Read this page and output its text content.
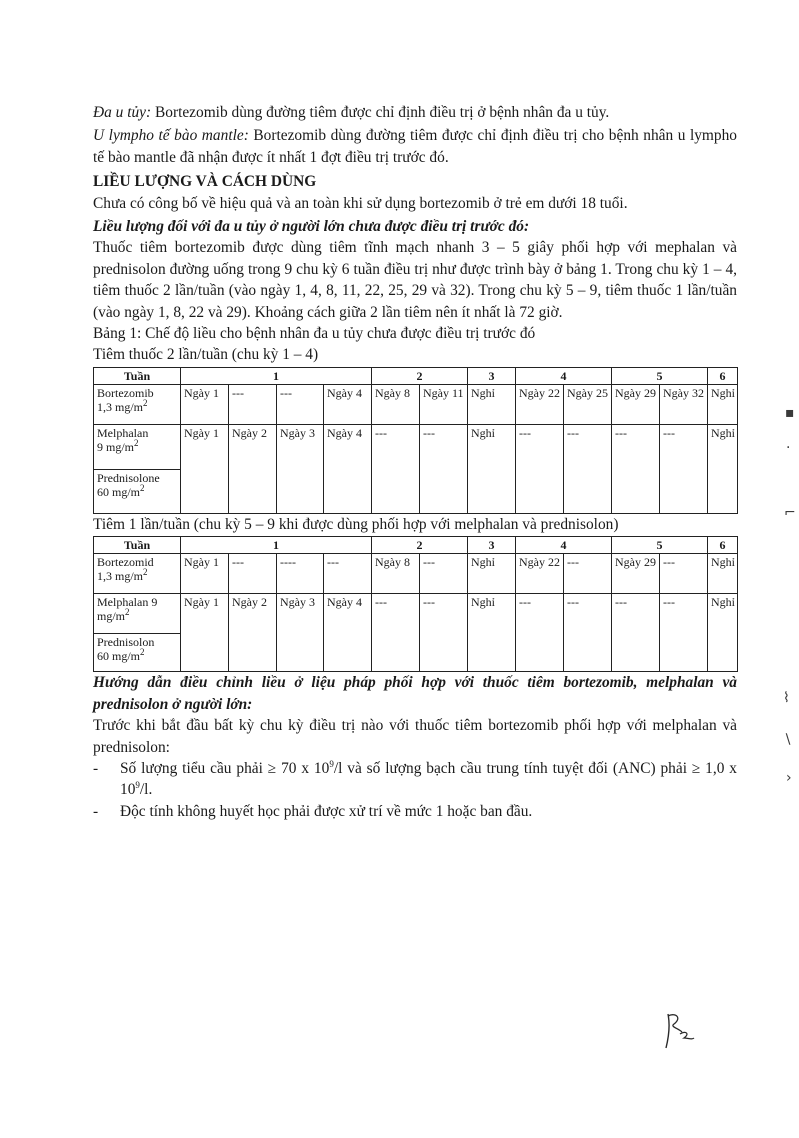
Đa u tủy: Bortezomib dùng đường tiêm được chỉ định điều trị ở bệnh nhân đa u tủy.

U lympho tế bào mantle: Bortezomib dùng đường tiêm được chỉ định điều trị cho bệnh nhân u lympho tế bào mantle đã nhận được ít nhất 1 đợt điều trị trước đó.

LIỀU LƯỢNG VÀ CÁCH DÙNG

Chưa có công bố về hiệu quả và an toàn khi sử dụng bortezomib ở trẻ em dưới 18 tuổi.

Liều lượng đối với đa u tủy ở người lớn chưa được điều trị trước đó:

Thuốc tiêm bortezomib được dùng tiêm tĩnh mạch nhanh 3 – 5 giây phối hợp với mephalan và prednisolon đường uống trong 9 chu kỳ 6 tuần điều trị như được trình bày ở bảng 1. Trong chu kỳ 1 – 4, tiêm thuốc 2 lần/tuần (vào ngày 1, 4, 8, 11, 22, 25, 29 và 32). Trong chu kỳ 5 – 9, tiêm thuốc 1 lần/tuần (vào ngày 1, 8, 22 và 29). Khoảng cách giữa 2 lần tiêm nên ít nhất là 72 giờ.

Bảng 1: Chế độ liều cho bệnh nhân đa u tủy chưa được điều trị trước đó

Tiêm thuốc 2 lần/tuần (chu kỳ 1 – 4)

Tuần	1				2		3	4		5		6
Bortezomib
1,3 $mg/m^2$	Ngày 1	---	---	Ngày 4	Ngày 8	Ngày 11	Nghỉ	Ngày 22	Ngày 25	Ngày 29	Ngày 32	Nghỉ
Melphalan
9 $mg/m^2$	Ngày 1	Ngày 2	Ngày 3	Ngày 4	---	---	Nghỉ	---	---	---	---	Nghỉ
Prednisolone
60 $mg/m^2$

Tiêm 1 lần/tuần (chu kỳ 5 – 9 khi được dùng phối hợp với melphalan và prednisolon)

Tuần	1				2		3	4		5		6
Bortezomid
1,3 $mg/m^2$	Ngày 1	---	----	---	Ngày 8	---	Nghỉ	Ngày 22	---	Ngày 29	---	Nghỉ
Melphalan 9
$mg/m^2$	Ngày 1	Ngày 2	Ngày 3	Ngày 4	---	---	Nghỉ	---	---	---	---	Nghỉ
Prednisolon
60 $mg/m^2$

Hướng dẫn điều chỉnh liều ở liệu pháp phối hợp với thuốc tiêm bortezomib, melphalan và prednisolon ở người lớn:

Trước khi bắt đầu bất kỳ chu kỳ điều trị nào với thuốc tiêm bortezomib phối hợp với melphalan và prednisolon:

- Số lượng tiểu cầu phải ≥ 70 x $10^9/l$ và số lượng bạch cầu trung tính tuyệt đối (ANC) phải ≥ 1,0 x $10^9/l$.
- Độc tính không huyết học phải được xử trí về mức 1 hoặc ban đầu.
▪
·
⌐
⌇
∖
›
